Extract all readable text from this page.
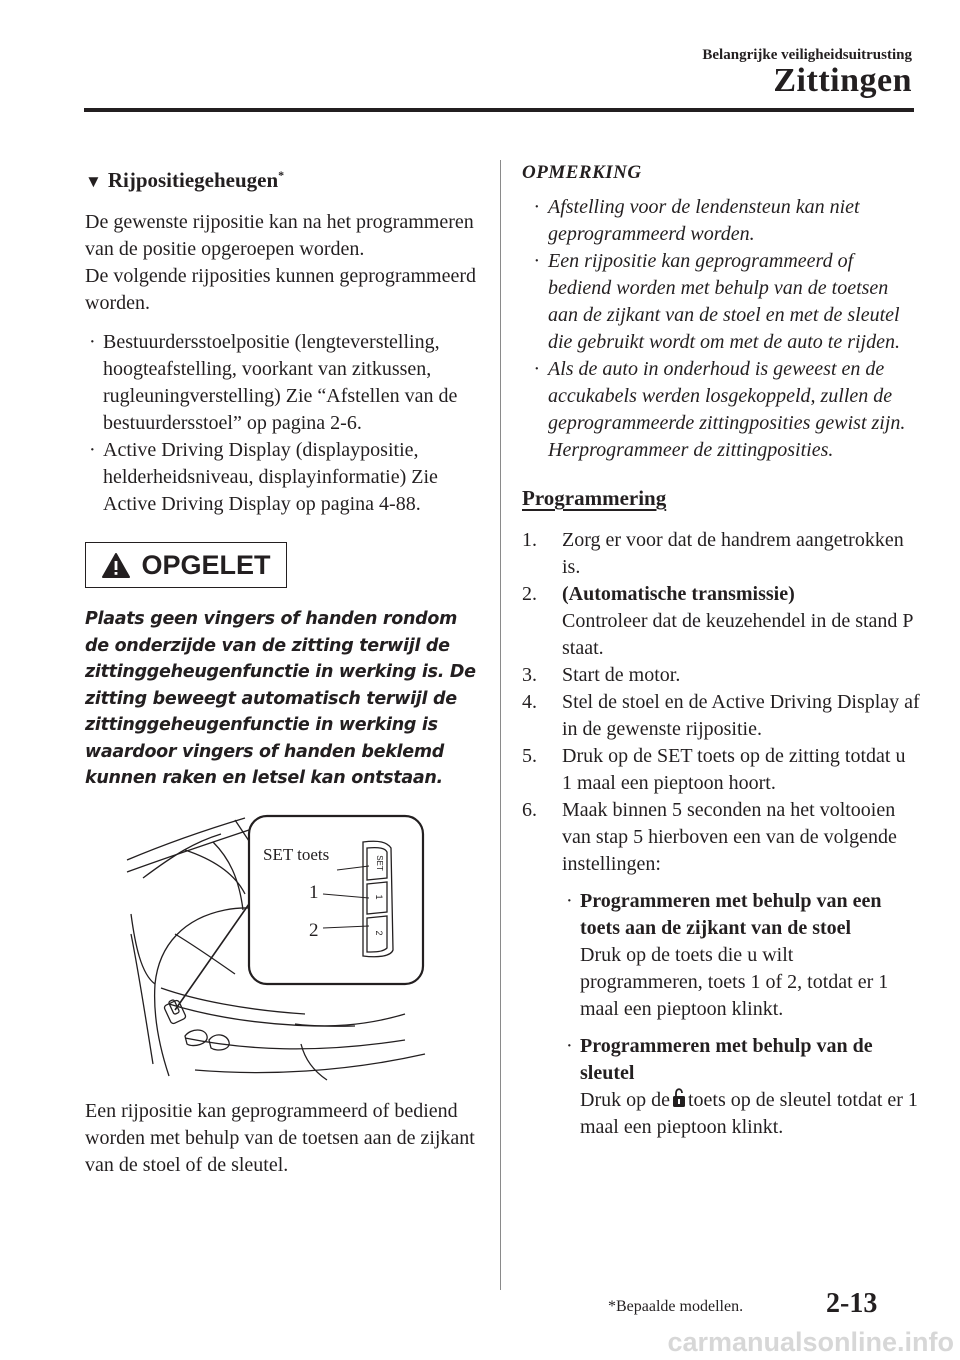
Belangrijke veiligheidsuitrusting
Zittingen
▼ Rijpositiegeheugen*

De gewenste rijpositie kan na het programmeren van de positie opgeroepen worden.

De volgende rijposities kunnen geprogrammeerd worden.

· Bestuurdersstoelpositie (lengteverstelling, hoogteafstelling, voorkant van zitkussen, rugleuningverstelling) Zie “Afstellen van de bestuurdersstoel” op pagina 2-6.

· Active Driving Display (displaypositie, helderheidsniveau, displayinformatie) Zie Active Driving Display op pagina 4-88.

OPGELET

Plaats geen vingers of handen rondom de onderzijde van de zitting terwijl de zittinggeheugenfunctie in werking is. De zitting beweegt automatisch terwijl de zittinggeheugenfunctie in werking is waardoor vingers of handen beklemd kunnen raken en letsel kan ontstaan.

SET toets
1
2
SET
1
2

Een rijpositie kan geprogrammeerd of bediend worden met behulp van de toetsen aan de zijkant van de stoel of de sleutel.

OPMERKING

· Afstelling voor de lendensteun kan niet geprogrammeerd worden.

· Een rijpositie kan geprogrammeerd of bediend worden met behulp van de toetsen aan de zijkant van de stoel en met de sleutel die gebruikt wordt om met de auto te rijden.

· Als de auto in onderhoud is geweest en de accukabels werden losgekoppeld, zullen de geprogrammeerde zittingposities gewist zijn. Herprogrammeer de zittingposities.

Programmering

1. Zorg er voor dat de handrem aangetrokken is.

2. (Automatische transmissie)
Controleer dat de keuzehendel in de stand P staat.

3. Start de motor.

4. Stel de stoel en de Active Driving Display af in de gewenste rijpositie.

5. Druk op de SET toets op de zitting totdat u 1 maal een pieptoon hoort.

6. Maak binnen 5 seconden na het voltooien van stap 5 hierboven een van de volgende instellingen:

· Programmeren met behulp van een toets aan de zijkant van de stoel
Druk op de toets die u wilt programmeren, toets 1 of 2, totdat er 1 maal een pieptoon klinkt.

· Programmeren met behulp van de sleutel
Druk op de toets op de sleutel totdat er 1 maal een pieptoon klinkt.

*Bepaalde modellen.	2-13
carmanualsonline.info
